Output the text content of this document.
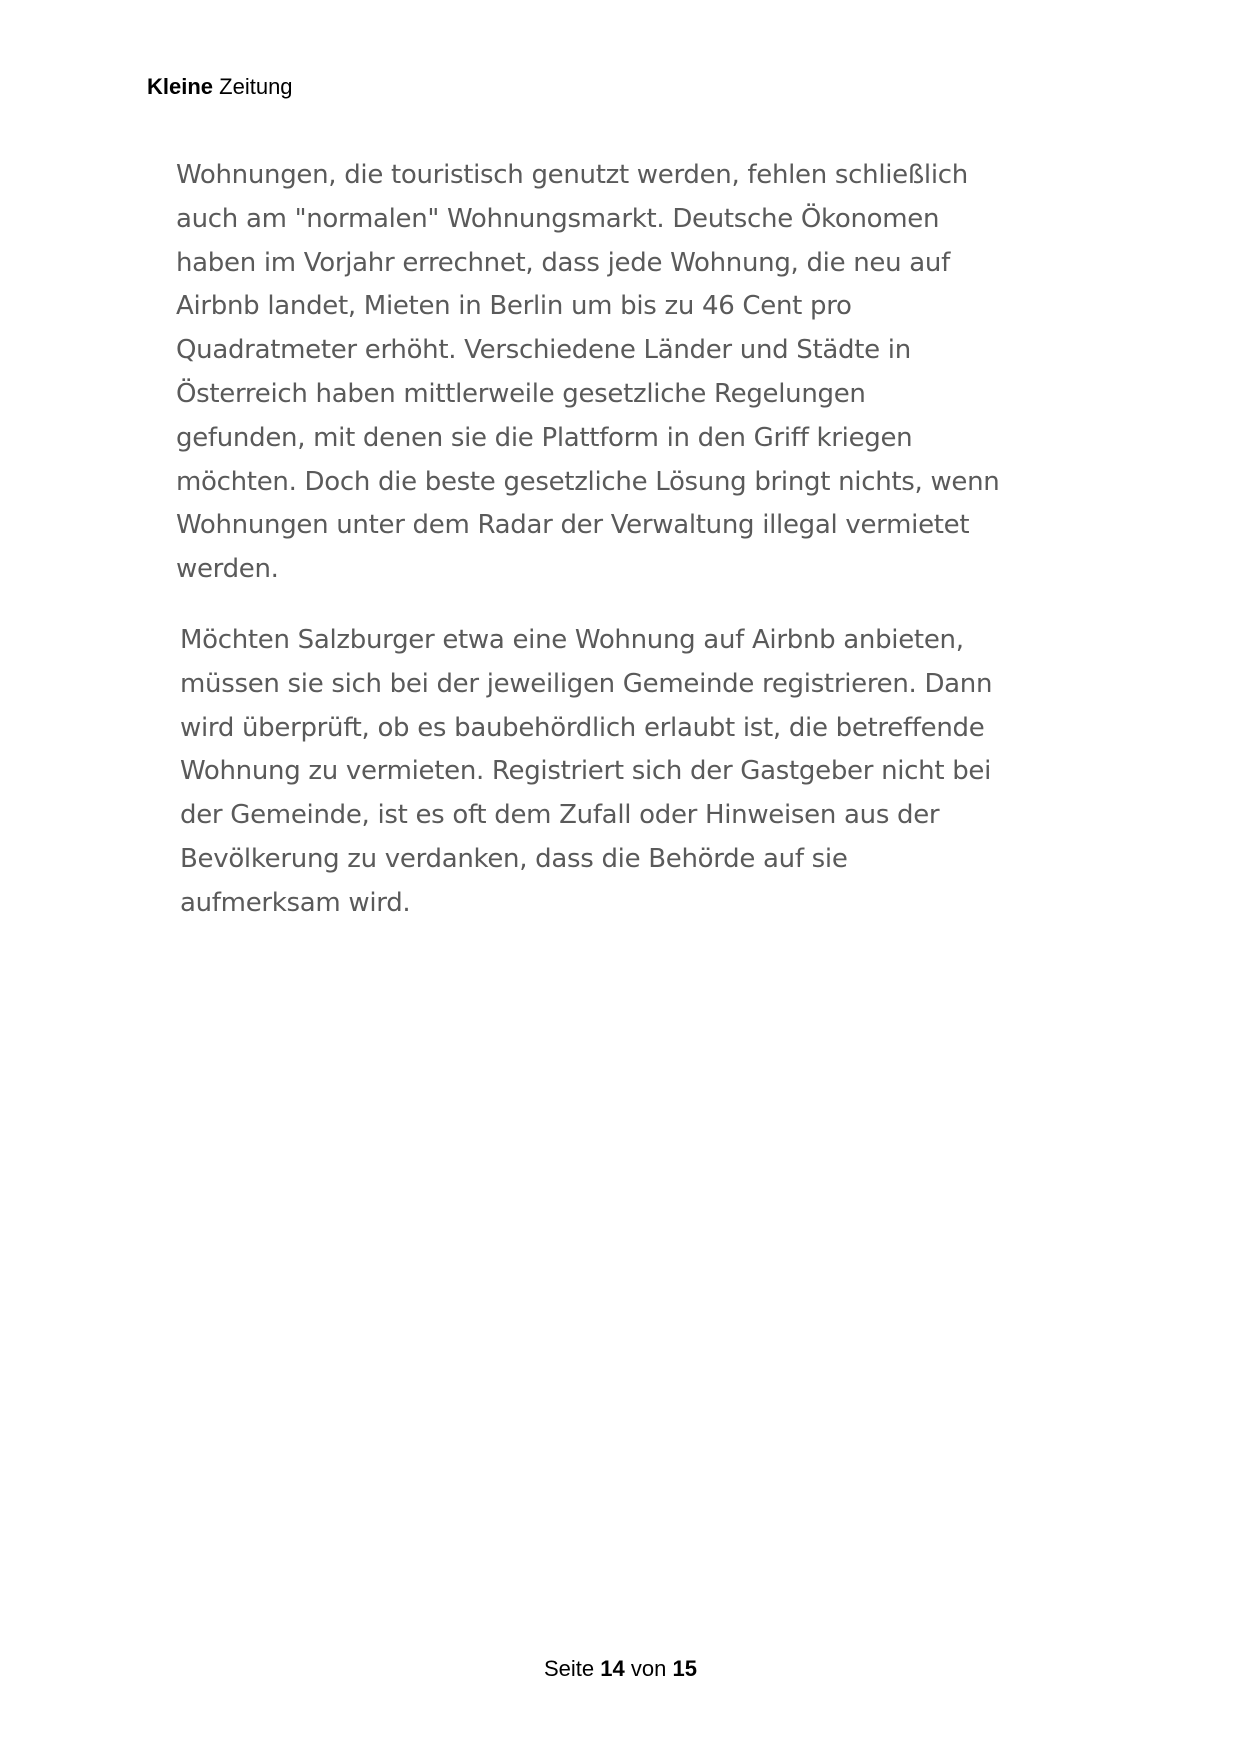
Kleine Zeitung
Wohnungen, die touristisch genutzt werden, fehlen schließlich
auch am "normalen" Wohnungsmarkt. Deutsche Ökonomen
haben im Vorjahr errechnet, dass jede Wohnung, die neu auf
Airbnb landet, Mieten in Berlin um bis zu 46 Cent pro
Quadratmeter erhöht. Verschiedene Länder und Städte in
Österreich haben mittlerweile gesetzliche Regelungen
gefunden, mit denen sie die Plattform in den Griff kriegen
möchten. Doch die beste gesetzliche Lösung bringt nichts, wenn
Wohnungen unter dem Radar der Verwaltung illegal vermietet
werden.
Möchten Salzburger etwa eine Wohnung auf Airbnb anbieten,
müssen sie sich bei der jeweiligen Gemeinde registrieren. Dann
wird überprüft, ob es baubehördlich erlaubt ist, die betreffende
Wohnung zu vermieten. Registriert sich der Gastgeber nicht bei
der Gemeinde, ist es oft dem Zufall oder Hinweisen aus der
Bevölkerung zu verdanken, dass die Behörde auf sie
aufmerksam wird.
Seite 14 von 15
